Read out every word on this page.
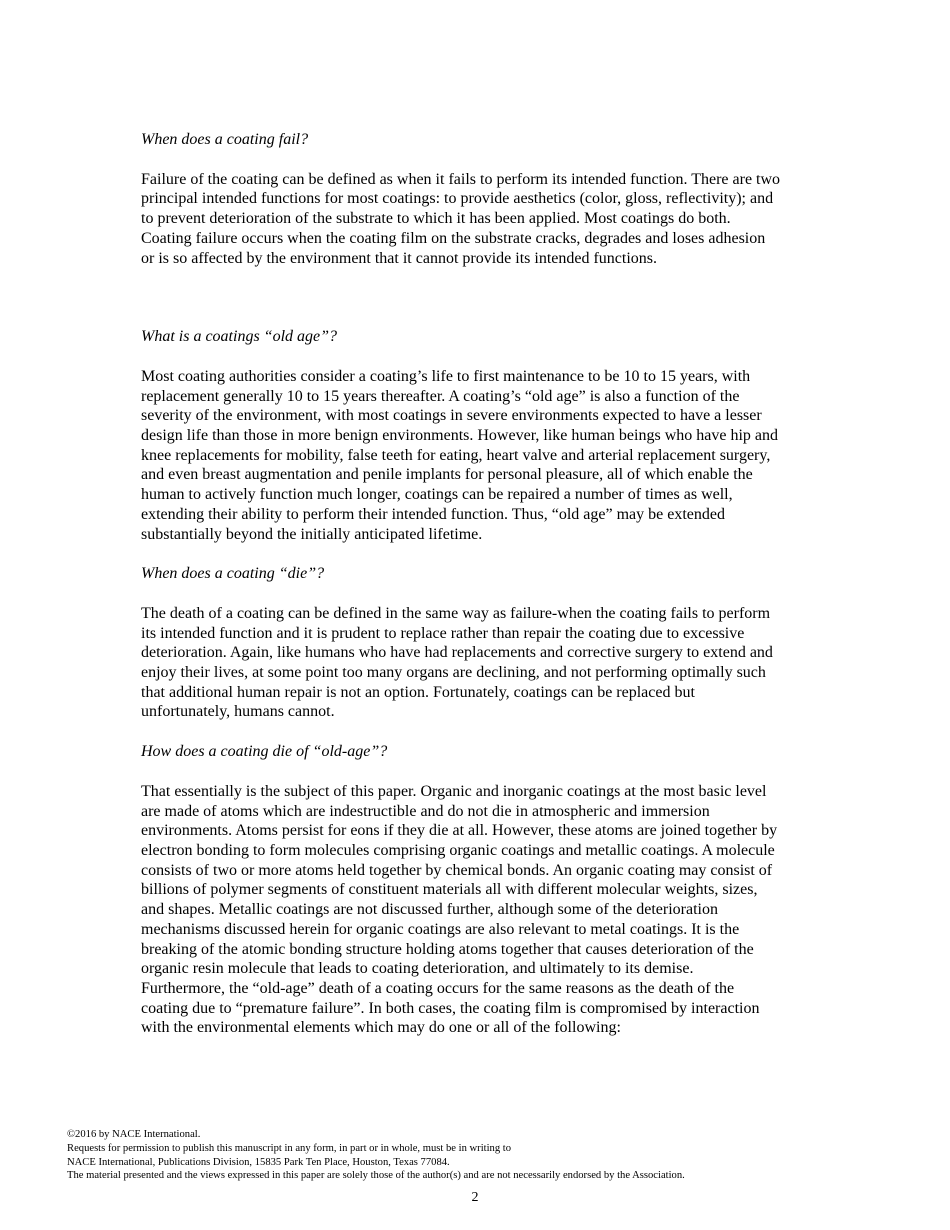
When does a coating fail?

Failure of the coating can be defined as when it fails to perform its intended function. There are two principal intended functions for most coatings: to provide aesthetics (color, gloss, reflectivity); and to prevent deterioration of the substrate to which it has been applied. Most coatings do both. Coating failure occurs when the coating film on the substrate cracks, degrades and loses adhesion or is so affected by the environment that it cannot provide its intended functions.

What is a coatings “old age”?

Most coating authorities consider a coating’s life to first maintenance to be 10 to 15 years, with replacement generally 10 to 15 years thereafter. A coating’s “old age” is also a function of the severity of the environment, with most coatings in severe environments expected to have a lesser design life than those in more benign environments. However, like human beings who have hip and knee replacements for mobility, false teeth for eating, heart valve and arterial replacement surgery, and even breast augmentation and penile implants for personal pleasure, all of which enable the human to actively function much longer, coatings can be repaired a number of times as well, extending their ability to perform their intended function. Thus, “old age” may be extended substantially beyond the initially anticipated lifetime.

When does a coating “die”?

The death of a coating can be defined in the same way as failure-when the coating fails to perform its intended function and it is prudent to replace rather than repair the coating due to excessive deterioration. Again, like humans who have had replacements and corrective surgery to extend and enjoy their lives, at some point too many organs are declining, and not performing optimally such that additional human repair is not an option. Fortunately, coatings can be replaced but unfortunately, humans cannot.

How does a coating die of “old-age”?

That essentially is the subject of this paper. Organic and inorganic coatings at the most basic level are made of atoms which are indestructible and do not die in atmospheric and immersion environments. Atoms persist for eons if they die at all. However, these atoms are joined together by electron bonding to form molecules comprising organic coatings and metallic coatings. A molecule consists of two or more atoms held together by chemical bonds. An organic coating may consist of billions of polymer segments of constituent materials all with different molecular weights, sizes, and shapes. Metallic coatings are not discussed further, although some of the deterioration mechanisms discussed herein for organic coatings are also relevant to metal coatings. It is the breaking of the atomic bonding structure holding atoms together that causes deterioration of the organic resin molecule that leads to coating deterioration, and ultimately to its demise. Furthermore, the “old-age” death of a coating occurs for the same reasons as the death of the coating due to “premature failure”. In both cases, the coating film is compromised by interaction with the environmental elements which may do one or all of the following:

©2016 by NACE International.
Requests for permission to publish this manuscript in any form, in part or in whole, must be in writing to
NACE International, Publications Division, 15835 Park Ten Place, Houston, Texas 77084.
The material presented and the views expressed in this paper are solely those of the author(s) and are not necessarily endorsed by the Association.
2
